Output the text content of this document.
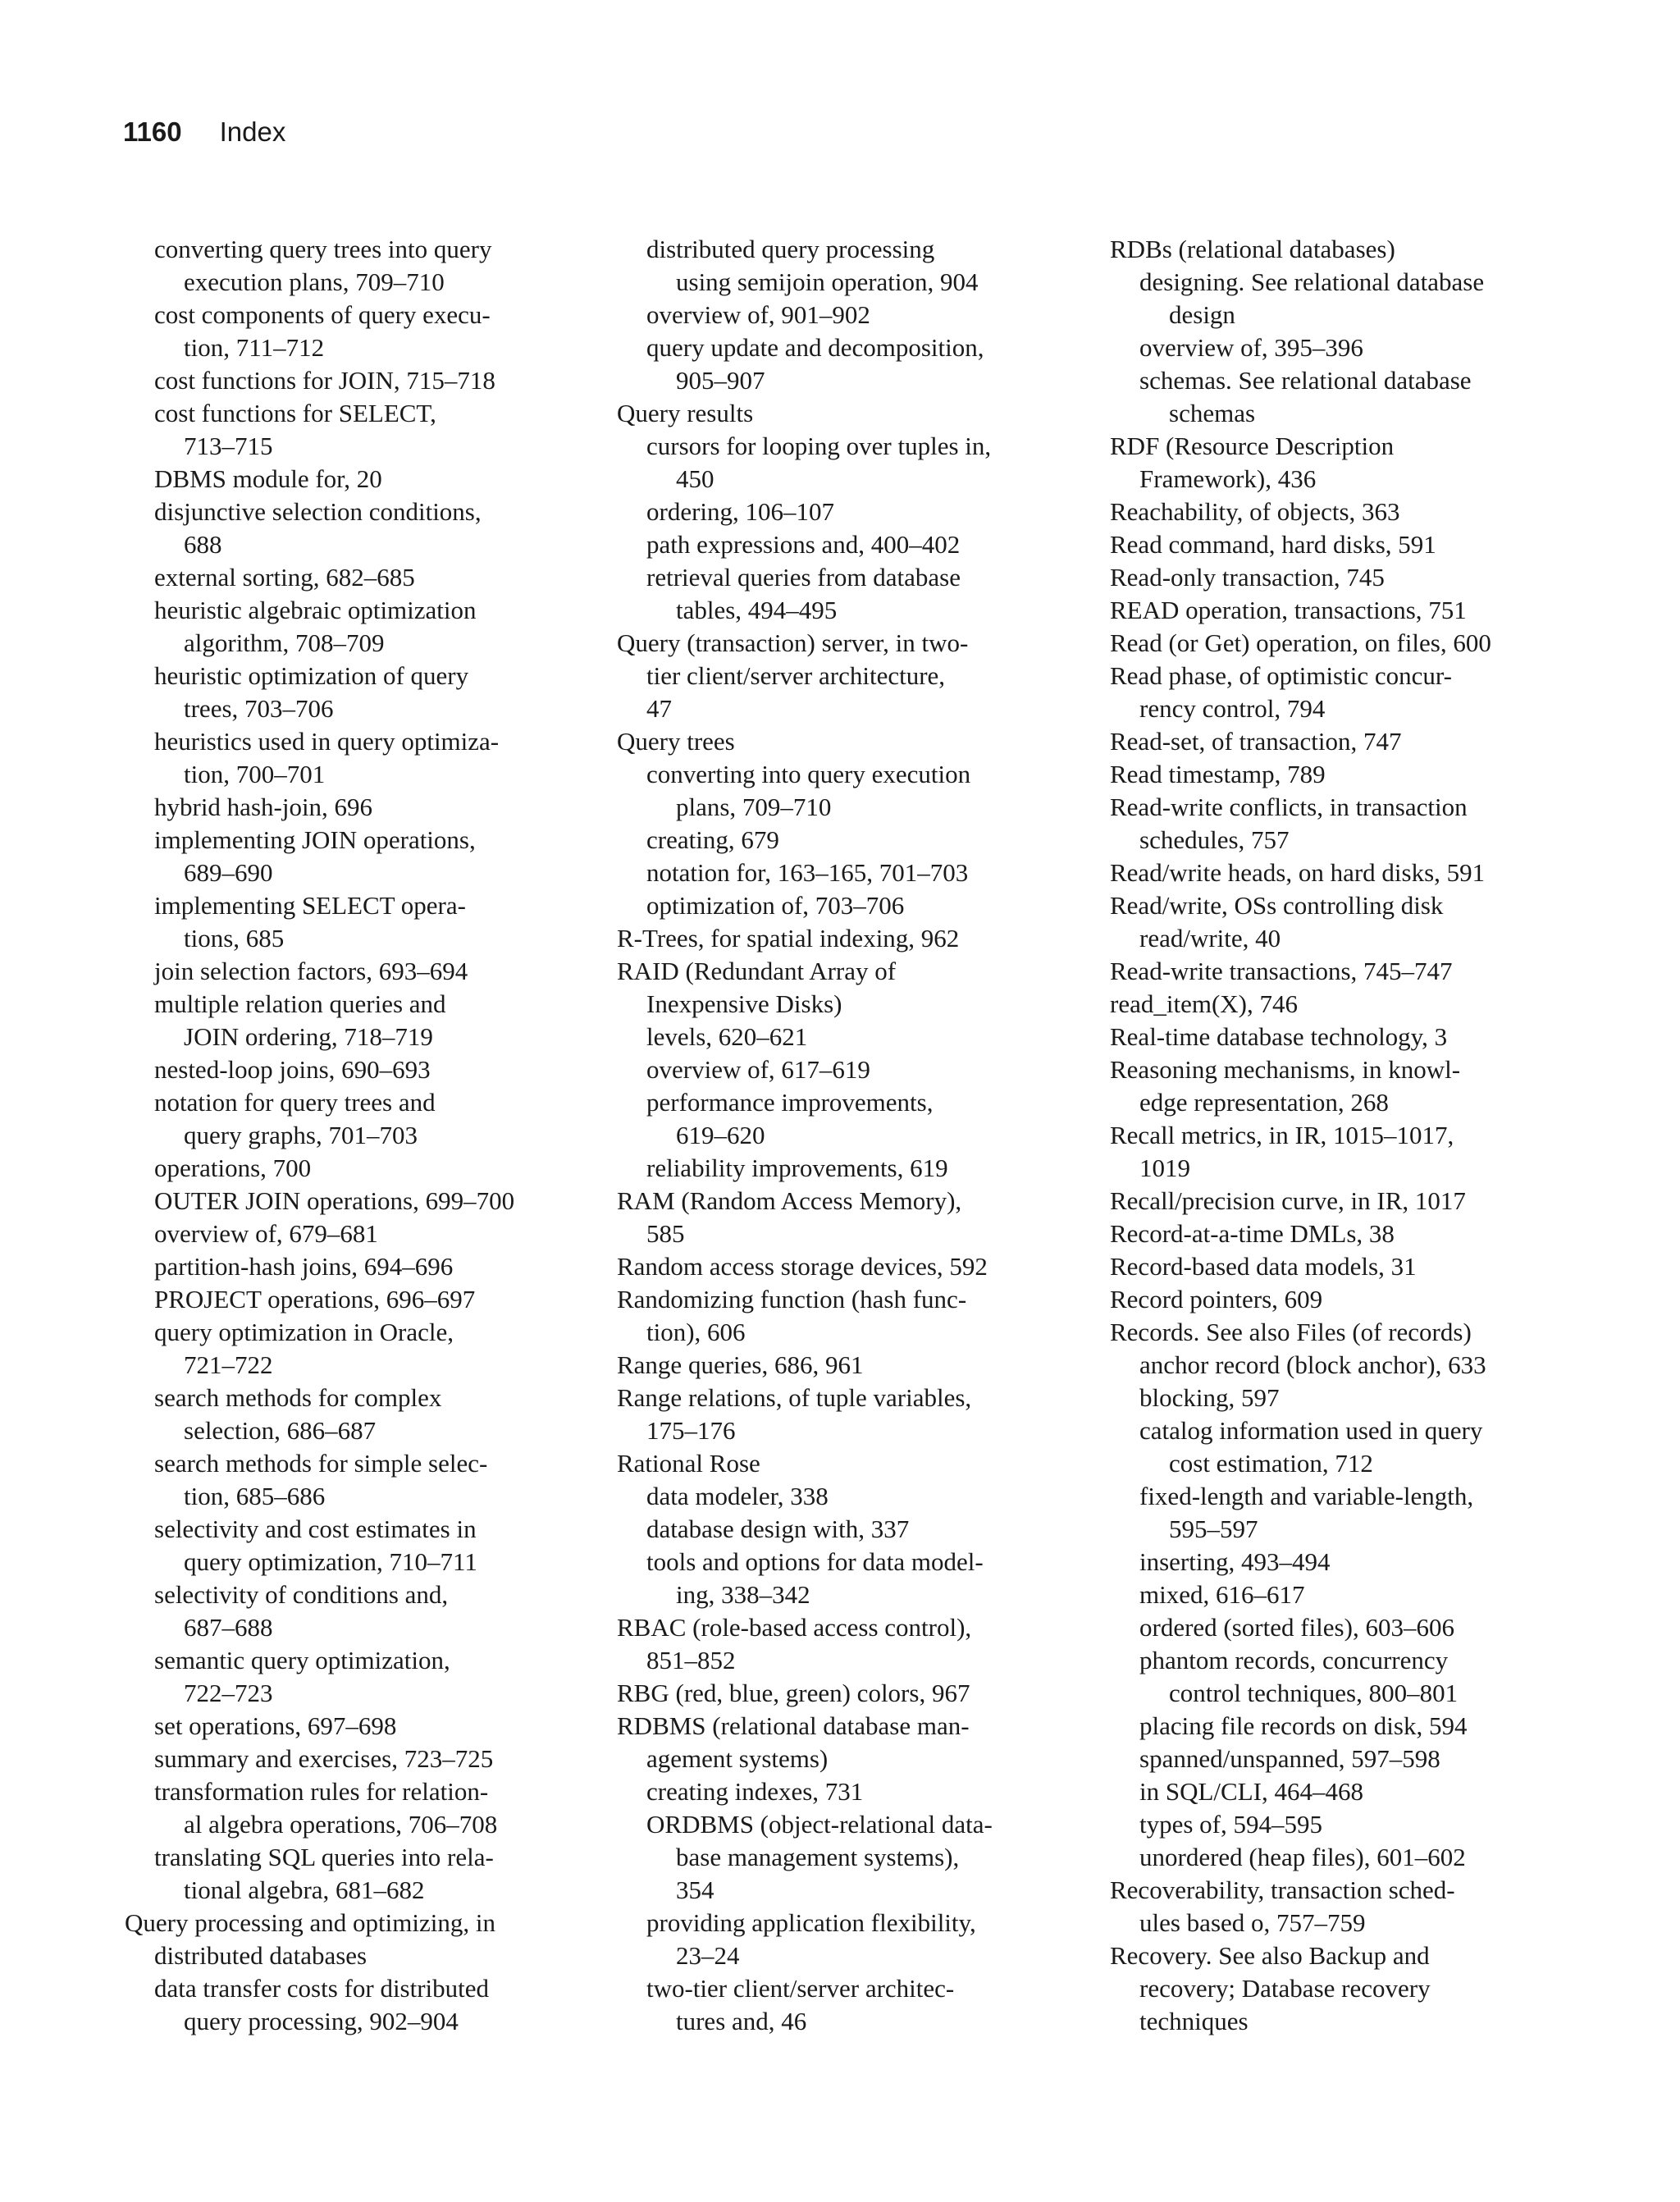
1160 Index
converting query trees into query
execution plans, 709–710
cost components of query execu-
tion, 711–712
cost functions for JOIN, 715–718
cost functions for SELECT,
713–715
DBMS module for, 20
disjunctive selection conditions,
688
external sorting, 682–685
heuristic algebraic optimization
algorithm, 708–709
heuristic optimization of query
trees, 703–706
heuristics used in query optimiza-
tion, 700–701
hybrid hash-join, 696
implementing JOIN operations,
689–690
implementing SELECT opera-
tions, 685
join selection factors, 693–694
multiple relation queries and
JOIN ordering, 718–719
nested-loop joins, 690–693
notation for query trees and
query graphs, 701–703
operations, 700
OUTER JOIN operations, 699–700
overview of, 679–681
partition-hash joins, 694–696
PROJECT operations, 696–697
query optimization in Oracle,
721–722
search methods for complex
selection, 686–687
search methods for simple selec-
tion, 685–686
selectivity and cost estimates in
query optimization, 710–711
selectivity of conditions and,
687–688
semantic query optimization,
722–723
set operations, 697–698
summary and exercises, 723–725
transformation rules for relation-
al algebra operations, 706–708
translating SQL queries into rela-
tional algebra, 681–682
Query processing and optimizing, in
distributed databases
data transfer costs for distributed
query processing, 902–904
distributed query processing
using semijoin operation, 904
overview of, 901–902
query update and decomposition,
905–907
Query results
cursors for looping over tuples in,
450
ordering, 106–107
path expressions and, 400–402
retrieval queries from database
tables, 494–495
Query (transaction) server, in two-
tier client/server architecture,
47
Query trees
converting into query execution
plans, 709–710
creating, 679
notation for, 163–165, 701–703
optimization of, 703–706
R-Trees, for spatial indexing, 962
RAID (Redundant Array of
Inexpensive Disks)
levels, 620–621
overview of, 617–619
performance improvements,
619–620
reliability improvements, 619
RAM (Random Access Memory),
585
Random access storage devices, 592
Randomizing function (hash func-
tion), 606
Range queries, 686, 961
Range relations, of tuple variables,
175–176
Rational Rose
data modeler, 338
database design with, 337
tools and options for data model-
ing, 338–342
RBAC (role-based access control),
851–852
RBG (red, blue, green) colors, 967
RDBMS (relational database man-
agement systems)
creating indexes, 731
ORDBMS (object-relational data-
base management systems),
354
providing application flexibility,
23–24
two-tier client/server architec-
tures and, 46
RDBs (relational databases)
designing. See relational database
design
overview of, 395–396
schemas. See relational database
schemas
RDF (Resource Description
Framework), 436
Reachability, of objects, 363
Read command, hard disks, 591
Read-only transaction, 745
READ operation, transactions, 751
Read (or Get) operation, on files, 600
Read phase, of optimistic concur-
rency control, 794
Read-set, of transaction, 747
Read timestamp, 789
Read-write conflicts, in transaction
schedules, 757
Read/write heads, on hard disks, 591
Read/write, OSs controlling disk
read/write, 40
Read-write transactions, 745–747
read_item(X), 746
Real-time database technology, 3
Reasoning mechanisms, in knowl-
edge representation, 268
Recall metrics, in IR, 1015–1017,
1019
Recall/precision curve, in IR, 1017
Record-at-a-time DMLs, 38
Record-based data models, 31
Record pointers, 609
Records. See also Files (of records)
anchor record (block anchor), 633
blocking, 597
catalog information used in query
cost estimation, 712
fixed-length and variable-length,
595–597
inserting, 493–494
mixed, 616–617
ordered (sorted files), 603–606
phantom records, concurrency
control techniques, 800–801
placing file records on disk, 594
spanned/unspanned, 597–598
in SQL/CLI, 464–468
types of, 594–595
unordered (heap files), 601–602
Recoverability, transaction sched-
ules based o, 757–759
Recovery. See also Backup and
recovery; Database recovery
techniques
